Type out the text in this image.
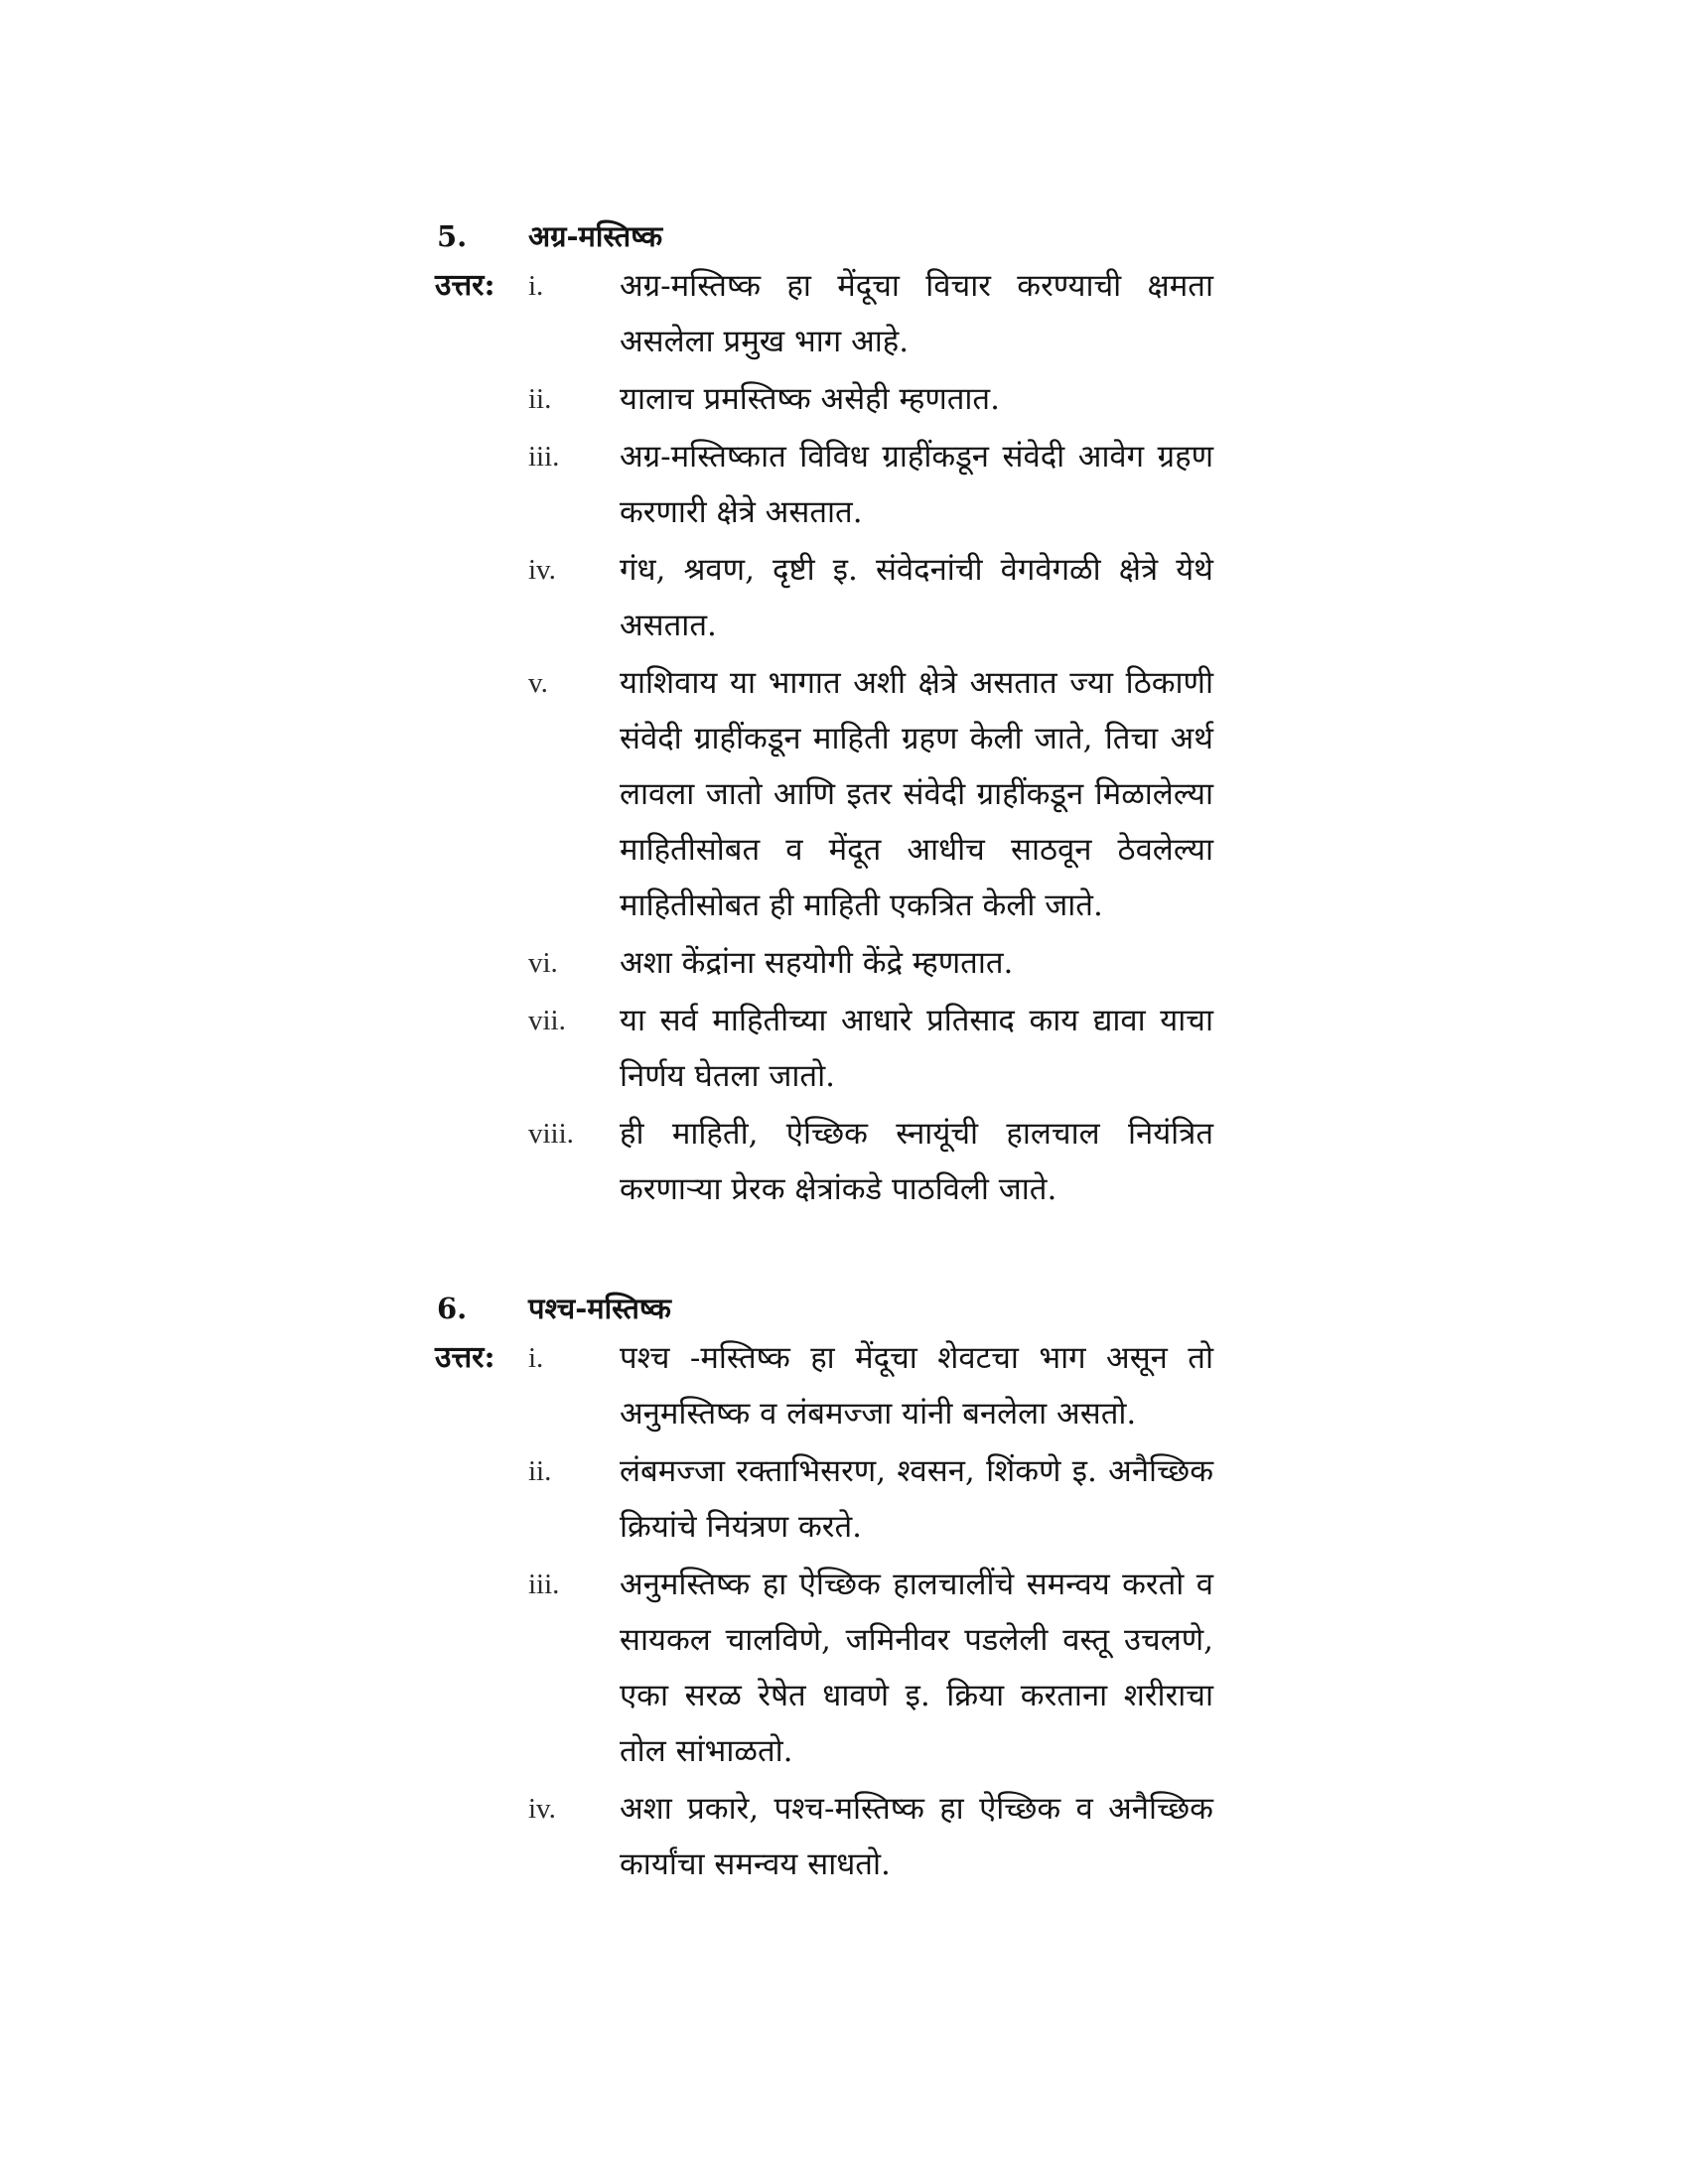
5.	अग्र-मस्तिष्क
उत्तर:	i.	अग्र-मस्तिष्क हा मेंदूचा विचार करण्याची क्षमता असलेला प्रमुख भाग आहे.
ii.	यालाच प्रमस्तिष्क असेही म्हणतात.
iii.	अग्र-मस्तिष्कात विविध ग्राहींकडून संवेदी आवेग ग्रहण करणारी क्षेत्रे असतात.
iv.	गंध, श्रवण, दृष्टी इ. संवेदनांची वेगवेगळी क्षेत्रे येथे असतात.
v.	याशिवाय या भागात अशी क्षेत्रे असतात ज्या ठिकाणी संवेदी ग्राहींकडून माहिती ग्रहण केली जाते, तिचा अर्थ लावला जातो आणि इतर संवेदी ग्राहींकडून मिळालेल्या माहितीसोबत व मेंदूत आधीच साठवून ठेवलेल्या माहितीसोबत ही माहिती एकत्रित केली जाते.
vi.	अशा केंद्रांना सहयोगी केंद्रे म्हणतात.
vii.	या सर्व माहितीच्या आधारे प्रतिसाद काय द्यावा याचा निर्णय घेतला जातो.
viii.	ही माहिती, ऐच्छिक स्नायूंची हालचाल नियंत्रित करणाऱ्या प्रेरक क्षेत्रांकडे पाठविली जाते.
6.	पश्च-मस्तिष्क
उत्तर:	i.	पश्च -मस्तिष्क हा मेंदूचा शेवटचा भाग असून तो अनुमस्तिष्क व लंबमज्जा यांनी बनलेला असतो.
ii.	लंबमज्जा रक्ताभिसरण, श्वसन, शिंकणे इ. अनैच्छिक क्रियांचे नियंत्रण करते.
iii.	अनुमस्तिष्क हा ऐच्छिक हालचालींचे समन्वय करतो व सायकल चालविणे, जमिनीवर पडलेली वस्तू उचलणे, एका सरळ रेषेत धावणे इ. क्रिया करताना शरीराचा तोल सांभाळतो.
iv.	अशा प्रकारे, पश्च-मस्तिष्क हा ऐच्छिक व अनैच्छिक कार्यांचा समन्वय साधतो.
